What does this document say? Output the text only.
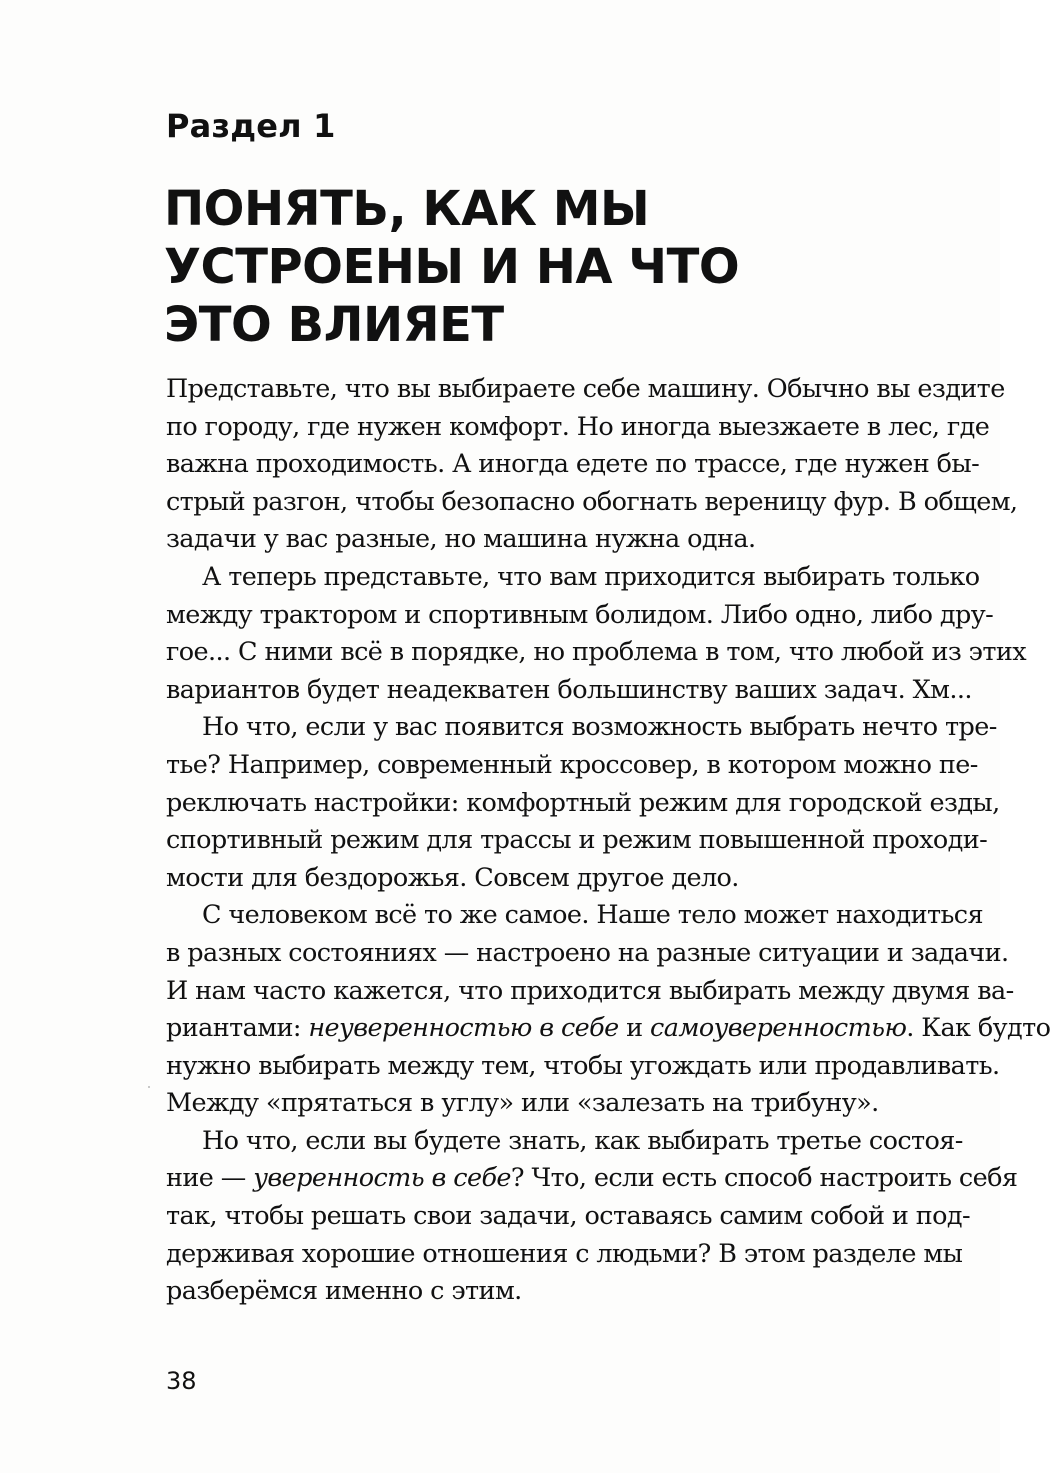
Раздел 1
ПОНЯТЬ, КАК МЫ
УСТРОЕНЫ И НА ЧТО
ЭТО ВЛИЯЕТ
Представьте, что вы выбираете себе машину. Обычно вы ездите
по городу, где нужен комфорт. Но иногда выезжаете в лес, где
важна проходимость. А иногда едете по трассе, где нужен бы-
стрый разгон, чтобы безопасно обогнать вереницу фур. В общем,
задачи у вас разные, но машина нужна одна.
А теперь представьте, что вам приходится выбирать только
между трактором и спортивным болидом. Либо одно, либо дру-
гое... С ними всё в порядке, но проблема в том, что любой из этих
вариантов будет неадекватен большинству ваших задач. Хм...
Но что, если у вас появится возможность выбрать нечто тре-
тье? Например, современный кроссовер, в котором можно пе-
реключать настройки: комфортный режим для городской езды,
спортивный режим для трассы и режим повышенной проходи-
мости для бездорожья. Совсем другое дело.
С человеком всё то же самое. Наше тело может находиться
в разных состояниях — настроено на разные ситуации и задачи.
И нам часто кажется, что приходится выбирать между двумя ва-
риантами: неуверенностью в себе и самоуверенностью. Как будто
нужно выбирать между тем, чтобы угождать или продавливать.
Между «прятаться в углу» или «залезать на трибуну».
Но что, если вы будете знать, как выбирать третье состоя-
ние — уверенность в себе? Что, если есть способ настроить себя
так, чтобы решать свои задачи, оставаясь самим собой и под-
держивая хорошие отношения с людьми? В этом разделе мы
разберёмся именно с этим.
38
